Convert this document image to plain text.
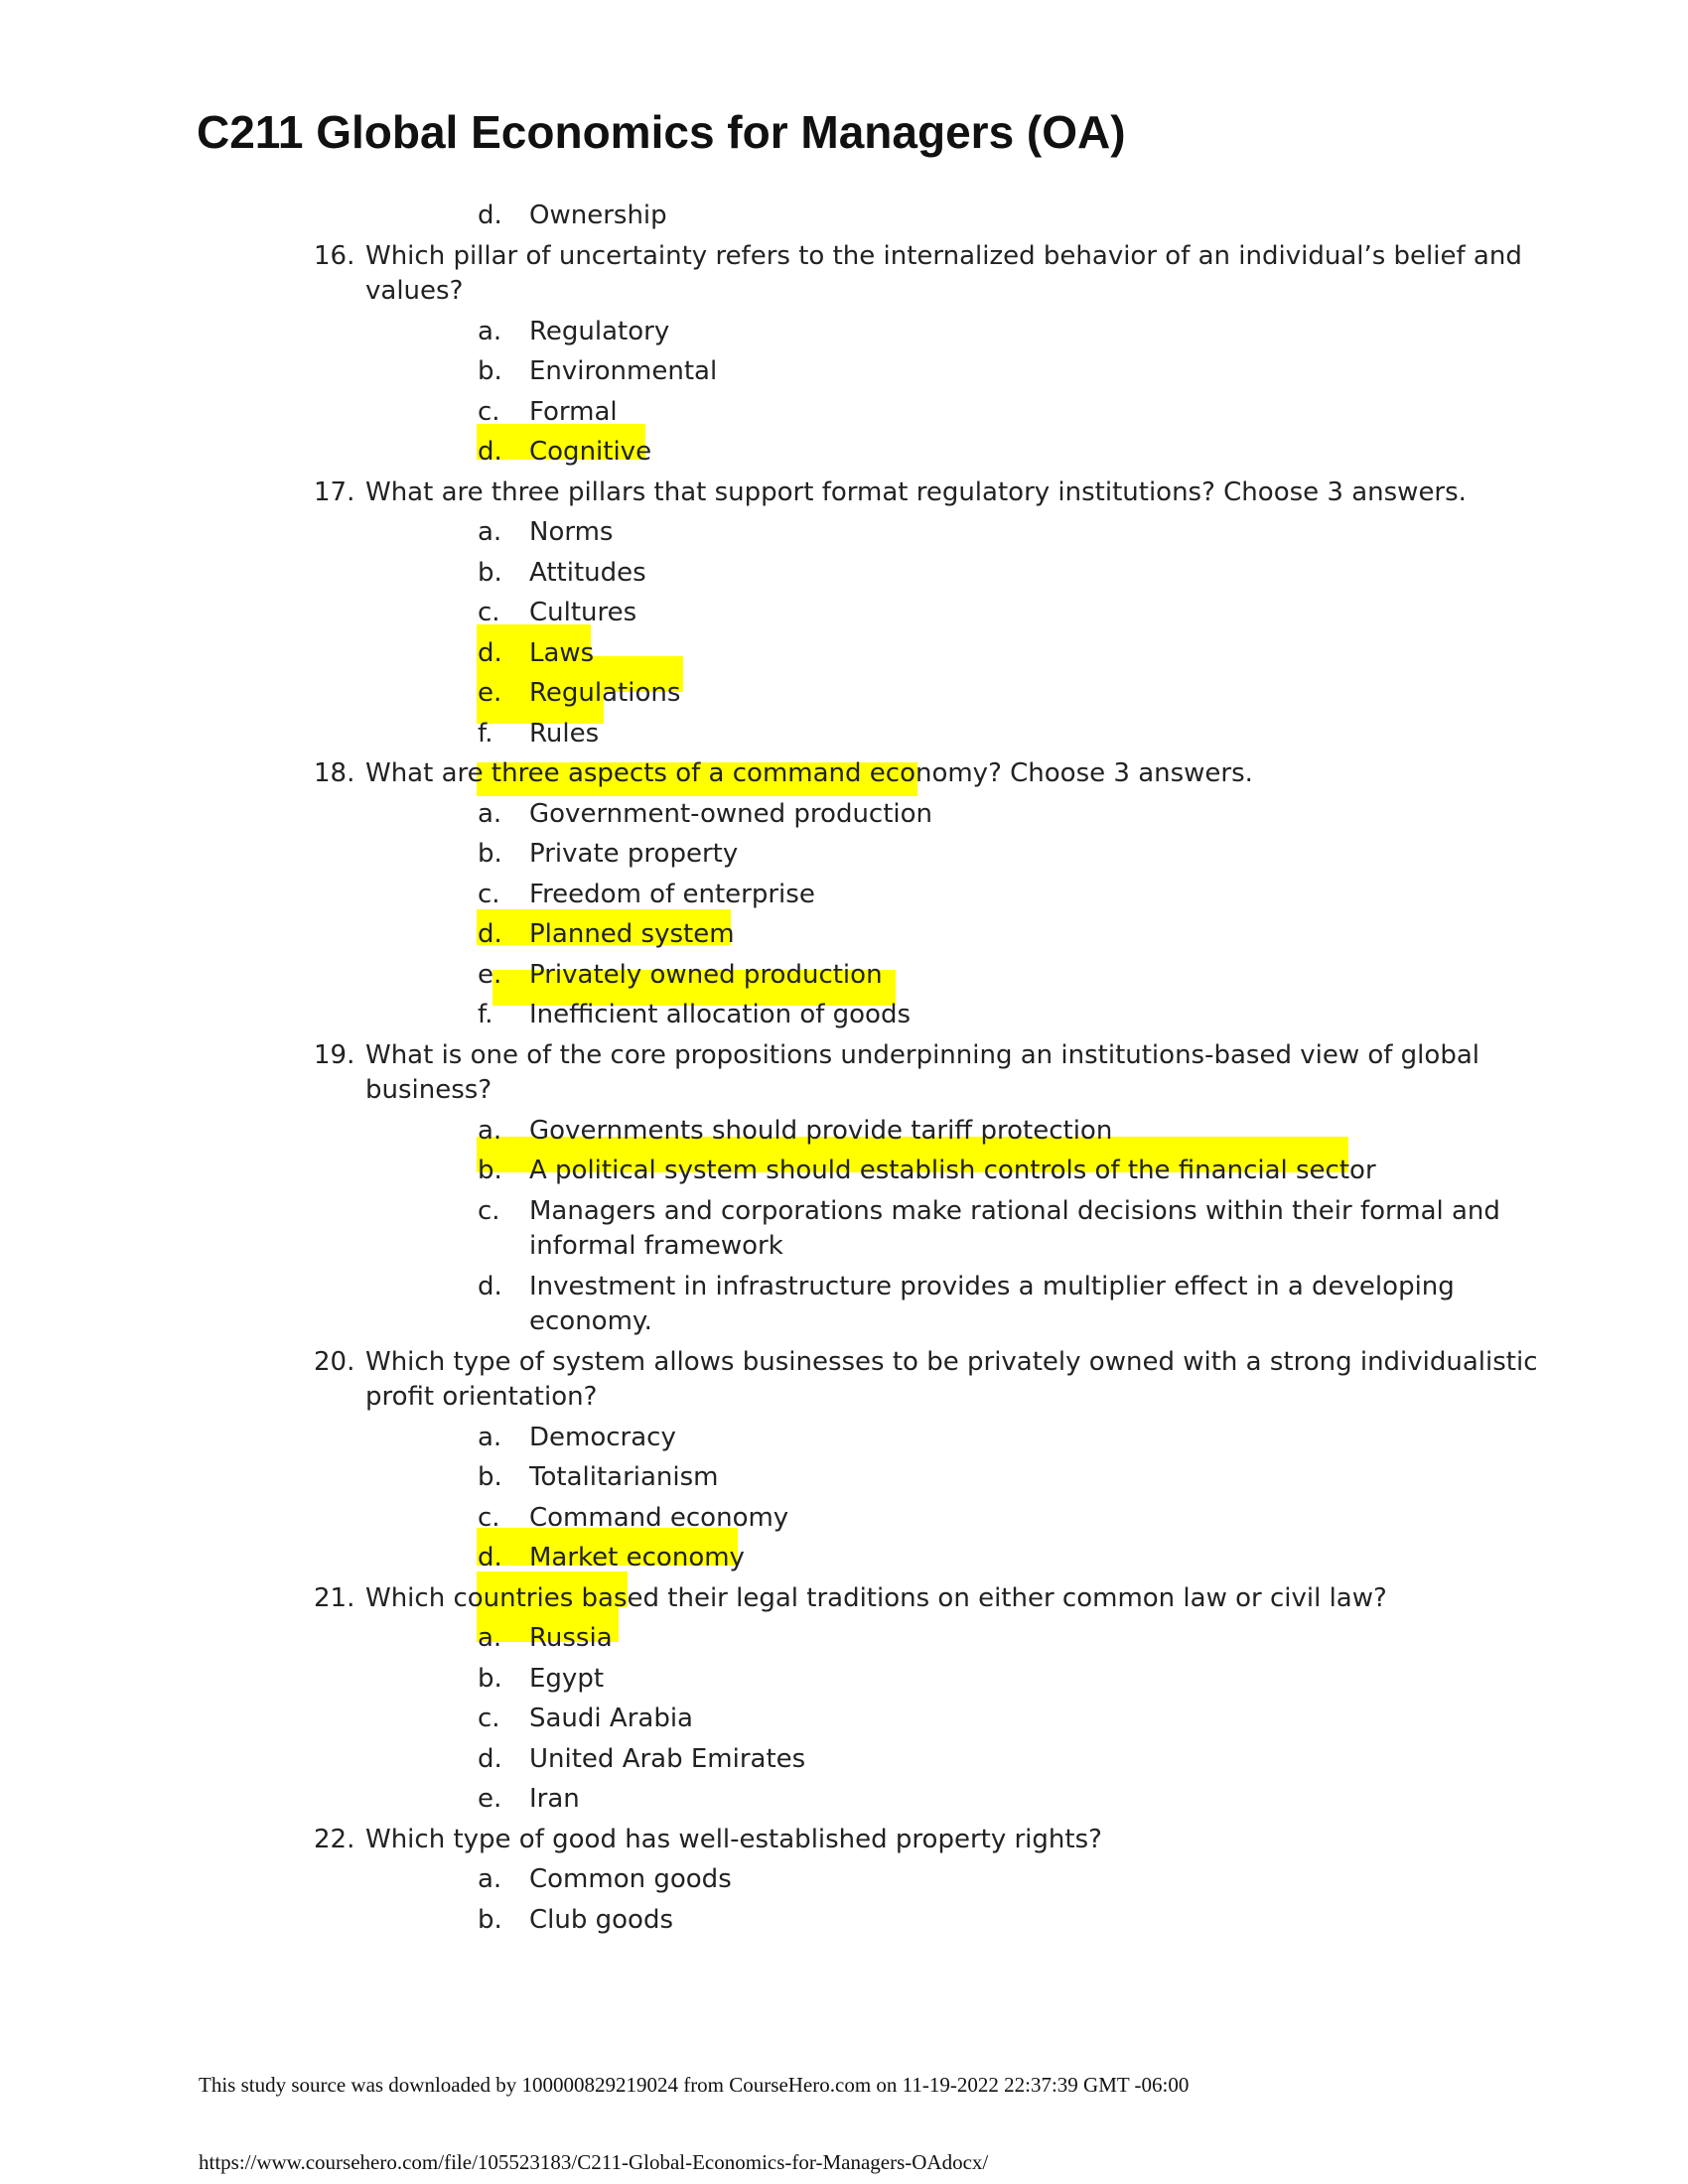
C211 Global Economics for Managers (OA)
d. Ownership
16. Which pillar of uncertainty refers to the internalized behavior of an individual’s belief and
values?
a. Regulatory
b. Environmental
c. Formal
d. Cognitive
17. What are three pillars that support format regulatory institutions? Choose 3 answers.
a. Norms
b. Attitudes
c. Cultures
d. Laws
e. Regulations
f. Rules
18. What are three aspects of a command economy? Choose 3 answers.
a. Government-owned production
b. Private property
c. Freedom of enterprise
d. Planned system
e. Privately owned production
f. Inefficient allocation of goods
19. What is one of the core propositions underpinning an institutions-based view of global
business?
a. Governments should provide tariff protection
b. A political system should establish controls of the financial sector
c. Managers and corporations make rational decisions within their formal and
informal framework
d. Investment in infrastructure provides a multiplier effect in a developing
economy.
20. Which type of system allows businesses to be privately owned with a strong individualistic
profit orientation?
a. Democracy
b. Totalitarianism
c. Command economy
d. Market economy
21. Which countries based their legal traditions on either common law or civil law?
a. Russia
b. Egypt
c. Saudi Arabia
d. United Arab Emirates
e. Iran
22. Which type of good has well-established property rights?
a. Common goods
b. Club goods
This study source was downloaded by 100000829219024 from CourseHero.com on 11-19-2022 22:37:39 GMT -06:00
https://www.coursehero.com/file/105523183/C211-Global-Economics-for-Managers-OAdocx/
